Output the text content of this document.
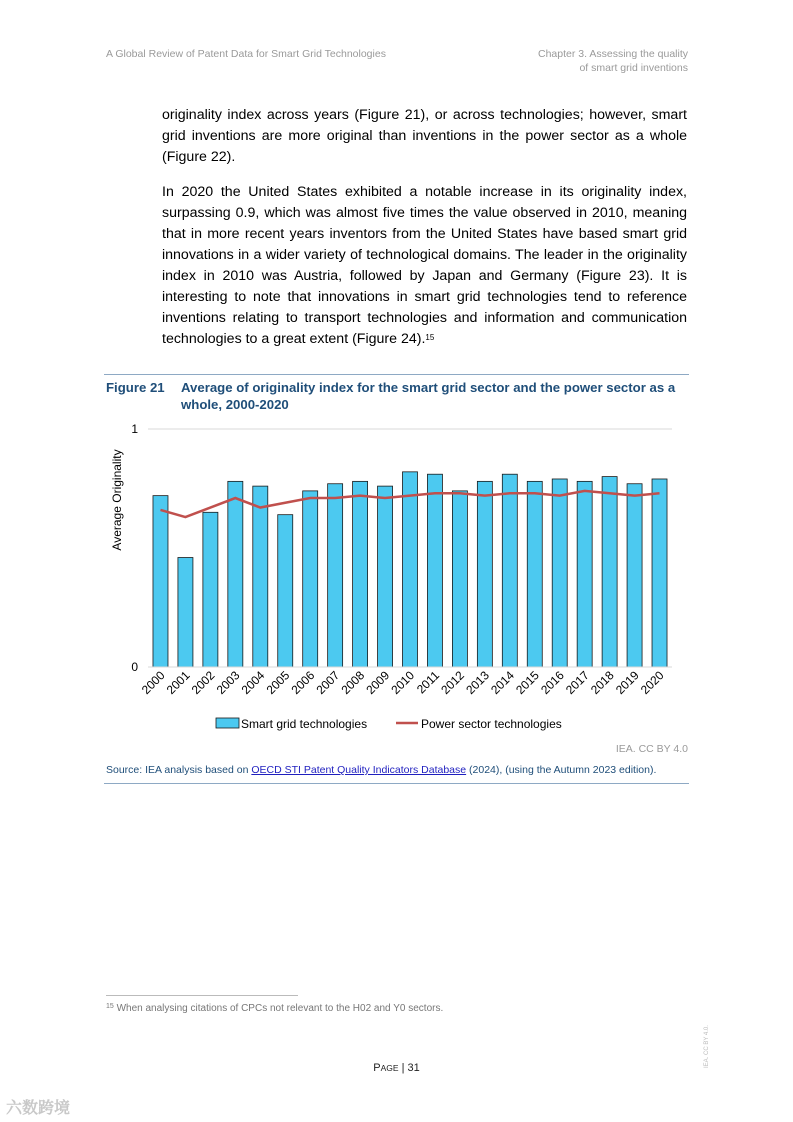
A Global Review of Patent Data for Smart Grid Technologies	Chapter 3. Assessing the quality
of smart grid inventions
originality index across years (Figure 21), or across technologies; however, smart grid inventions are more original than inventions in the power sector as a whole (Figure 22).
In 2020 the United States exhibited a notable increase in its originality index, surpassing 0.9, which was almost five times the value observed in 2010, meaning that in more recent years inventors from the United States have based smart grid innovations in a wider variety of technological domains. The leader in the originality index in 2010 was Austria, followed by Japan and Germany (Figure 23). It is interesting to note that innovations in smart grid technologies tend to reference inventions relating to transport technologies and information and communication technologies to a great extent (Figure 24).$^{15}$
Figure 21 Average of originality index for the smart grid sector and the power sector as a whole, 2000-2020
Average Originality
0
1
2000
2001
2002
2003
2004
2005
2006
2007
2008
2009
2010
2011
2012
2013
2014
2015
2016
2017
2018
2019
2020
Smart grid technologies	Power sector technologies
IEA. CC BY 4.0
Source: IEA analysis based on OECD STI Patent Quality Indicators Database (2024), (using the Autumn 2023 edition).
$^{15}$ When analysing citations of CPCs not relevant to the H02 and Y0 sectors.
PAGE | 31	IEA. CC BY 4.0.
六数跨境
